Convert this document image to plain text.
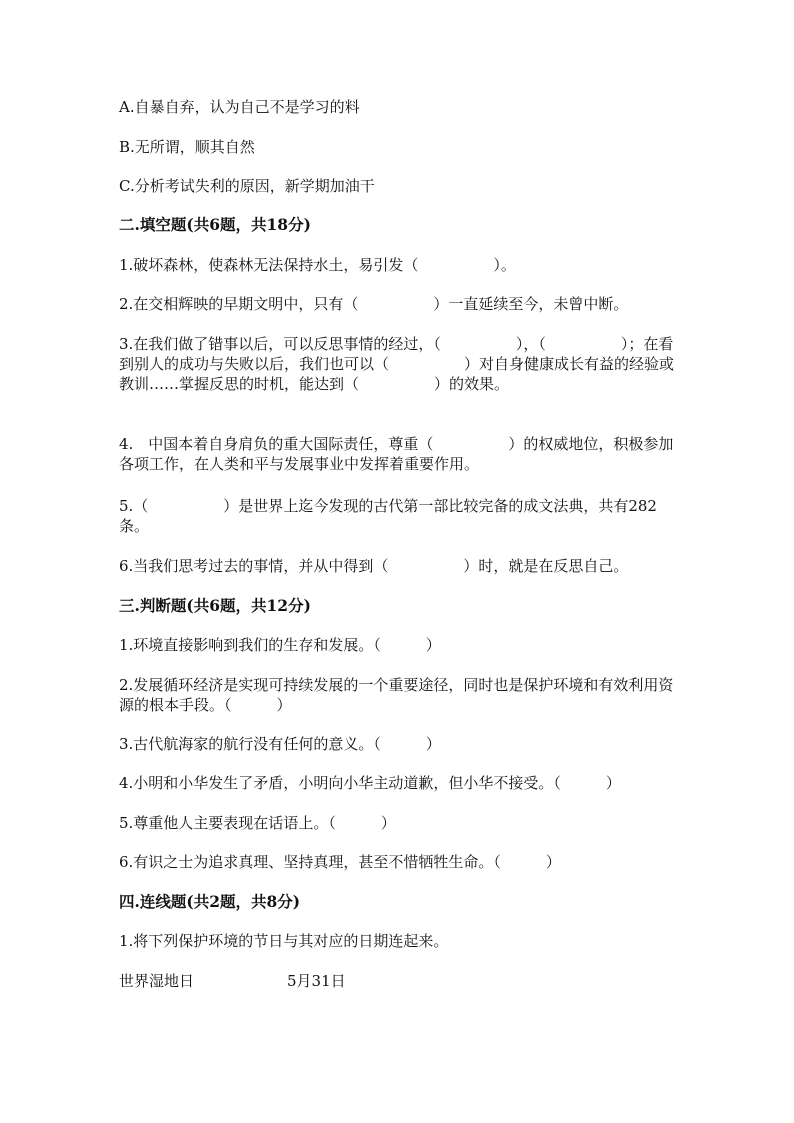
A.自暴自弃，认为自己不是学习的料
B.无所谓，顺其自然
C.分析考试失利的原因，新学期加油干
二.填空题(共6题，共18分)
1.破坏森林，使森林无法保持水土，易引发（　　　　　）。
2.在交相辉映的早期文明中，只有（　　　　　）一直延续至今，未曾中断。
3.在我们做了错事以后，可以反思事情的经过，（　　　　　），（　　　　　）；在看到别人的成功与失败以后，我们也可以（　　　　　）对自身健康成长有益的经验或教训……掌握反思的时机，能达到（　　　　　）的效果。
4.　中国本着自身肩负的重大国际责任，尊重（　　　　　）的权威地位，积极参加各项工作，在人类和平与发展事业中发挥着重要作用。
5.（　　　　　）是世界上迄今发现的古代第一部比较完备的成文法典，共有282条。
6.当我们思考过去的事情，并从中得到（　　　　　）时，就是在反思自己。
三.判断题(共6题，共12分)
1.环境直接影响到我们的生存和发展。（　　　）
2.发展循环经济是实现可持续发展的一个重要途径，同时也是保护环境和有效利用资源的根本手段。（　　　）
3.古代航海家的航行没有任何的意义。（　　　）
4.小明和小华发生了矛盾，小明向小华主动道歉，但小华不接受。（　　　）
5.尊重他人主要表现在话语上。（　　　）
6.有识之士为追求真理、坚持真理，甚至不惜牺牲生命。（　　　）
四.连线题(共2题，共8分)
1.将下列保护环境的节日与其对应的日期连起来。
世界湿地日	5月31日
